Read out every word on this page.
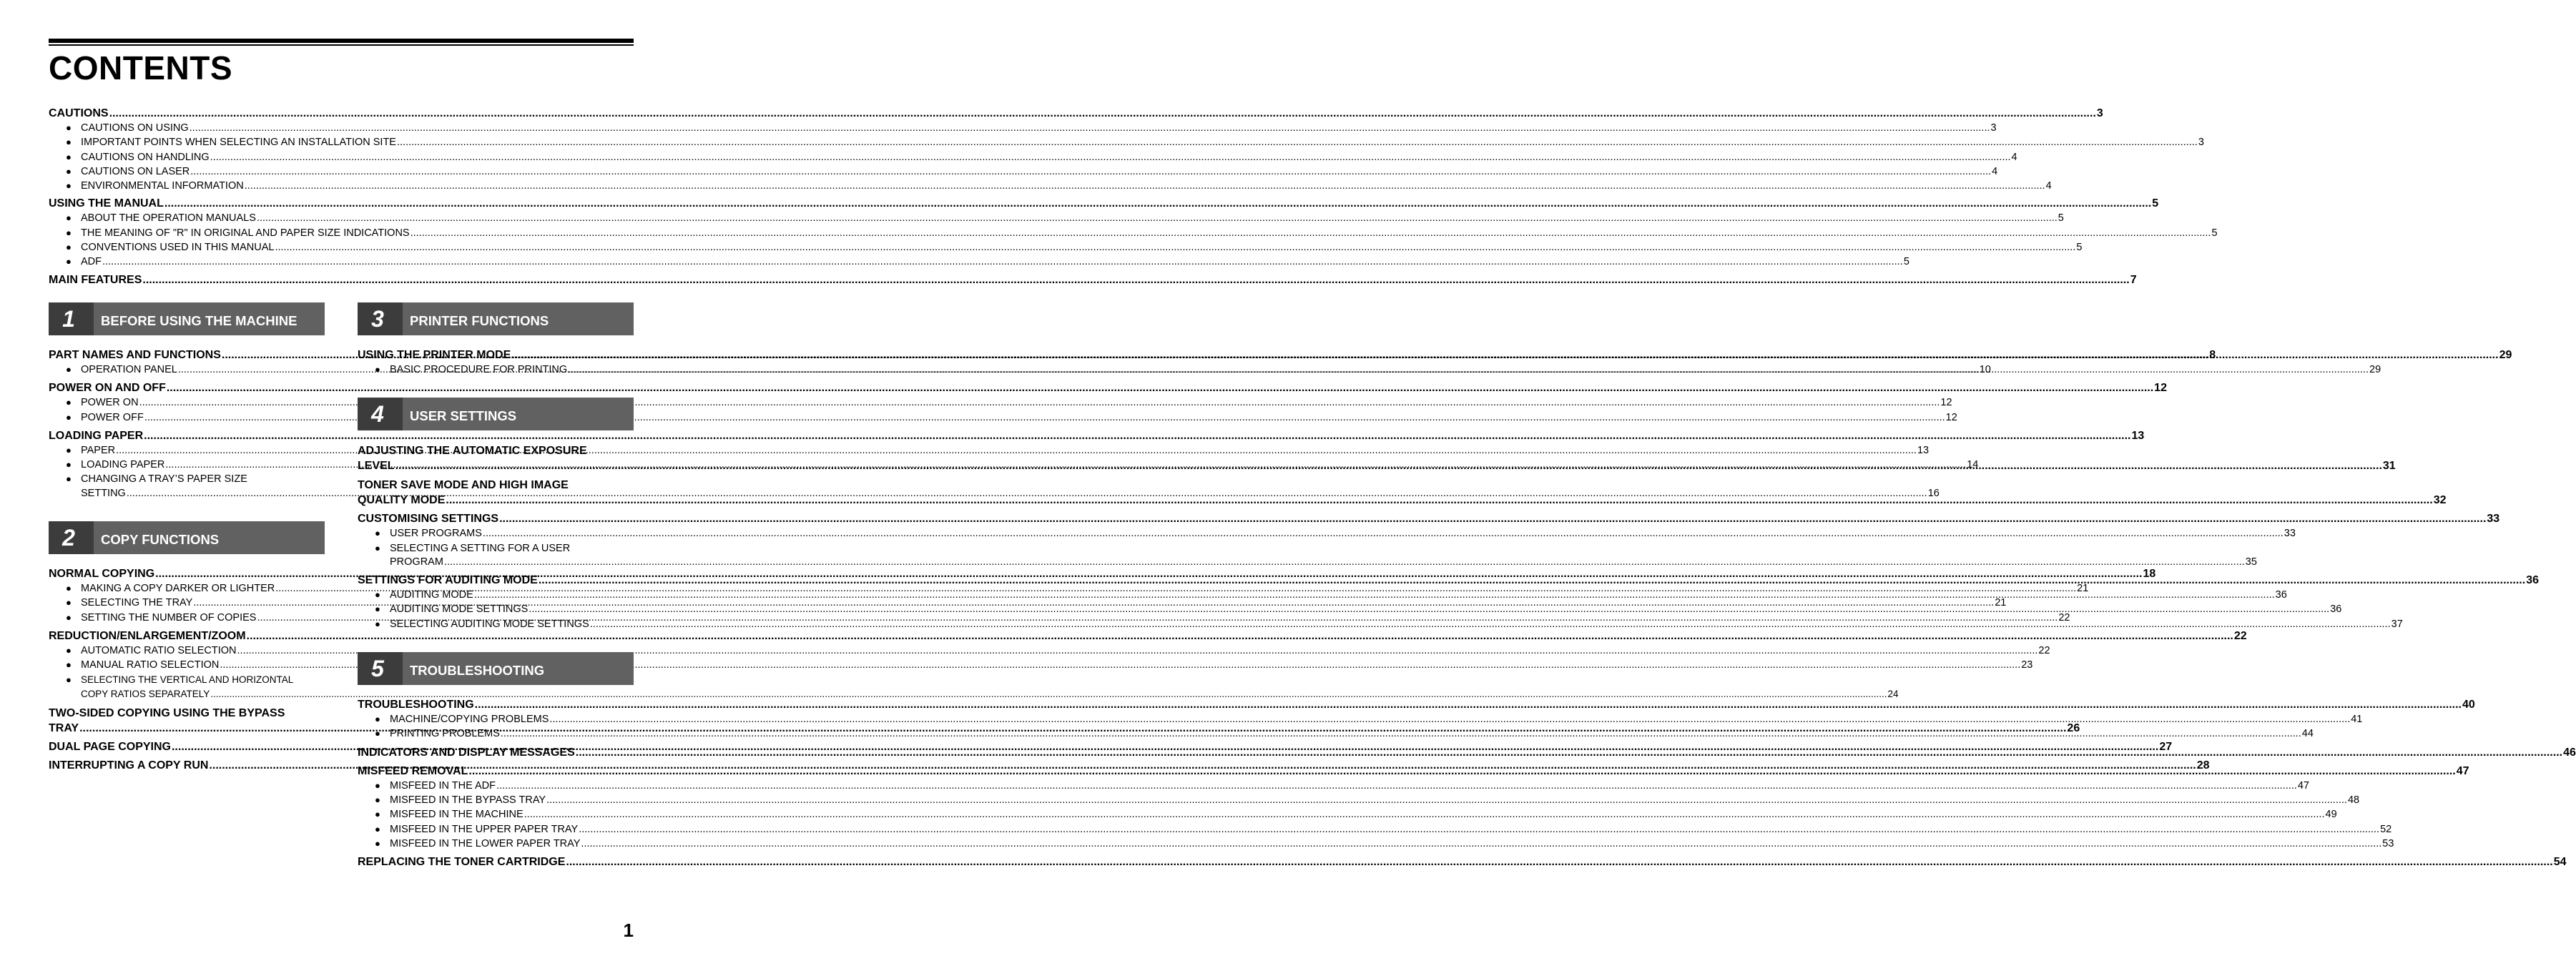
CONTENTS
CAUTIONS .....	3
● CAUTIONS ON USING .....	3
● IMPORTANT POINTS WHEN SELECTING AN INSTALLATION SITE .....	3
● CAUTIONS ON HANDLING .....	4
● CAUTIONS ON LASER .....	4
● ENVIRONMENTAL INFORMATION .....	4
USING THE MANUAL .....	5
● ABOUT THE OPERATION MANUALS .....	5
● THE MEANING OF "R" IN ORIGINAL AND PAPER SIZE INDICATIONS .....	5
● CONVENTIONS USED IN THIS MANUAL .....	5
● ADF .....	5
MAIN FEATURES .....	7
1	BEFORE USING THE MACHINE
PART NAMES AND FUNCTIONS .....	8
● OPERATION PANEL .....	10
POWER ON AND OFF .....	12
● POWER ON .....	12
● POWER OFF .....	12
LOADING PAPER .....	13
● PAPER .....	13
● LOADING PAPER .....	14
● CHANGING A TRAY’S PAPER SIZE
SETTING .....	16
2	COPY FUNCTIONS
NORMAL COPYING .....	18
● MAKING A COPY DARKER OR LIGHTER .....	21
● SELECTING THE TRAY .....	21
● SETTING THE NUMBER OF COPIES .....	22
REDUCTION/ENLARGEMENT/ZOOM .....	22
● AUTOMATIC RATIO SELECTION .....	22
● MANUAL RATIO SELECTION .....	23
● SELECTING THE VERTICAL AND HORIZONTAL
COPY RATIOS SEPARATELY .....	24
TWO-SIDED COPYING USING THE BYPASS
TRAY .....	26
DUAL PAGE COPYING .....	27
INTERRUPTING A COPY RUN .....	28
3	PRINTER FUNCTIONS
USING THE PRINTER MODE .....	29
● BASIC PROCEDURE FOR PRINTING .....	29
4	USER SETTINGS
ADJUSTING THE AUTOMATIC EXPOSURE
LEVEL .....	31
TONER SAVE MODE AND HIGH IMAGE
QUALITY MODE .....	32
CUSTOMISING SETTINGS .....	33
● USER PROGRAMS .....	33
● SELECTING A SETTING FOR A USER
PROGRAM .....	35
SETTINGS FOR AUDITING MODE .....	36
● AUDITING MODE .....	36
● AUDITING MODE SETTINGS .....	36
● SELECTING AUDITING MODE SETTINGS .....	37
5	TROUBLESHOOTING
TROUBLESHOOTING .....	40
● MACHINE/COPYING PROBLEMS .....	41
● PRINTING PROBLEMS .....	44
INDICATORS AND DISPLAY MESSAGES .....	46
MISFEED REMOVAL .....	47
● MISFEED IN THE ADF .....	47
● MISFEED IN THE BYPASS TRAY .....	48
● MISFEED IN THE MACHINE .....	49
● MISFEED IN THE UPPER PAPER TRAY .....	52
● MISFEED IN THE LOWER PAPER TRAY .....	53
REPLACING THE TONER CARTRIDGE .....	54
1
